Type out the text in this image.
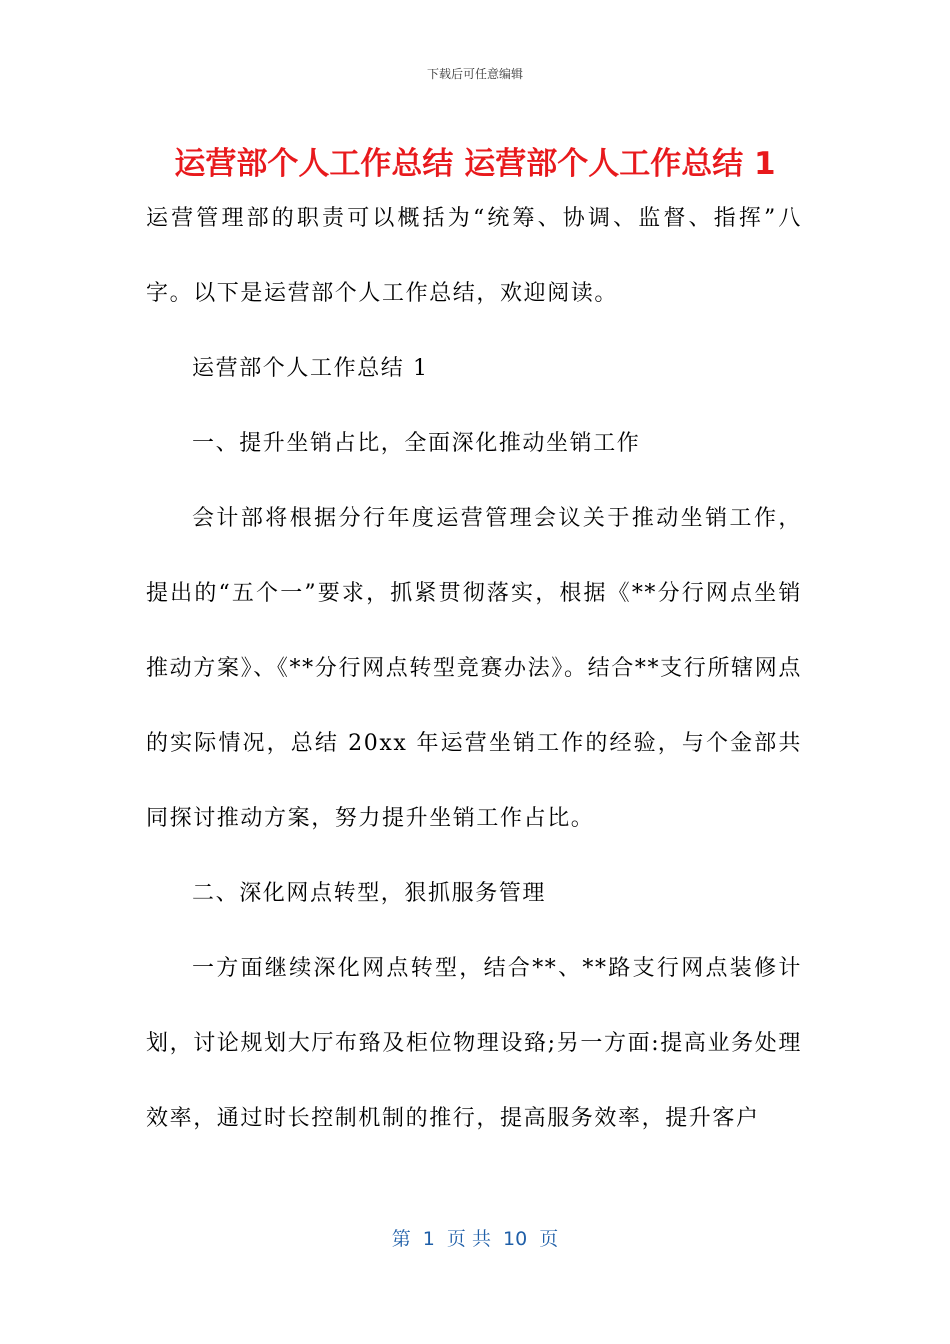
下载后可任意编辑
运营部个人工作总结 运营部个人工作总结 1

运营管理部的职责可以概括为“统筹、协调、监督、指挥”八字。以下是运营部个人工作总结，欢迎阅读。

运营部个人工作总结 1

一、提升坐销占比，全面深化推动坐销工作

会计部将根据分行年度运营管理会议关于推动坐销工作，提出的“五个一”要求，抓紧贯彻落实，根据《**分行网点坐销推动方案》、《**分行网点转型竞赛办法》。结合**支行所辖网点的实际情况，总结 20xx 年运营坐销工作的经验，与个金部共同探讨推动方案，努力提升坐销工作占比。

二、深化网点转型，狠抓服务管理

一方面继续深化网点转型，结合**、**路支行网点装修计划，讨论规划大厅布臵及柜位物理设臵;另一方面:提高业务处理效率，通过时长控制机制的推行，提高服务效率，提升客户

第  1  页 共  10  页
